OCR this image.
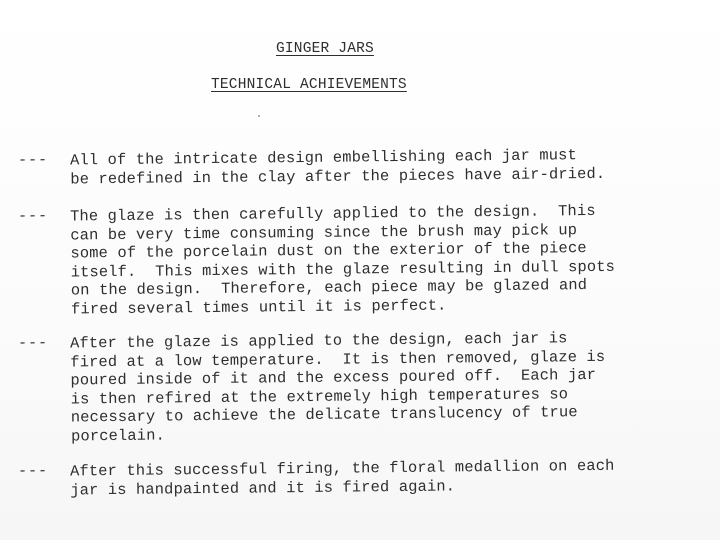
GINGER JARS
TECHNICAL ACHIEVEMENTS
--- All of the intricate design embellishing each jar must
be redefined in the clay after the pieces have air-dried.
--- The glaze is then carefully applied to the design.  This
can be very time consuming since the brush may pick up
some of the porcelain dust on the exterior of the piece
itself.  This mixes with the glaze resulting in dull spots
on the design.  Therefore, each piece may be glazed and
fired several times until it is perfect.
--- After the glaze is applied to the design, each jar is
fired at a low temperature.  It is then removed, glaze is
poured inside of it and the excess poured off.  Each jar
is then refired at the extremely high temperatures so
necessary to achieve the delicate translucency of true
porcelain.
--- After this successful firing, the floral medallion on each
jar is handpainted and it is fired again.
